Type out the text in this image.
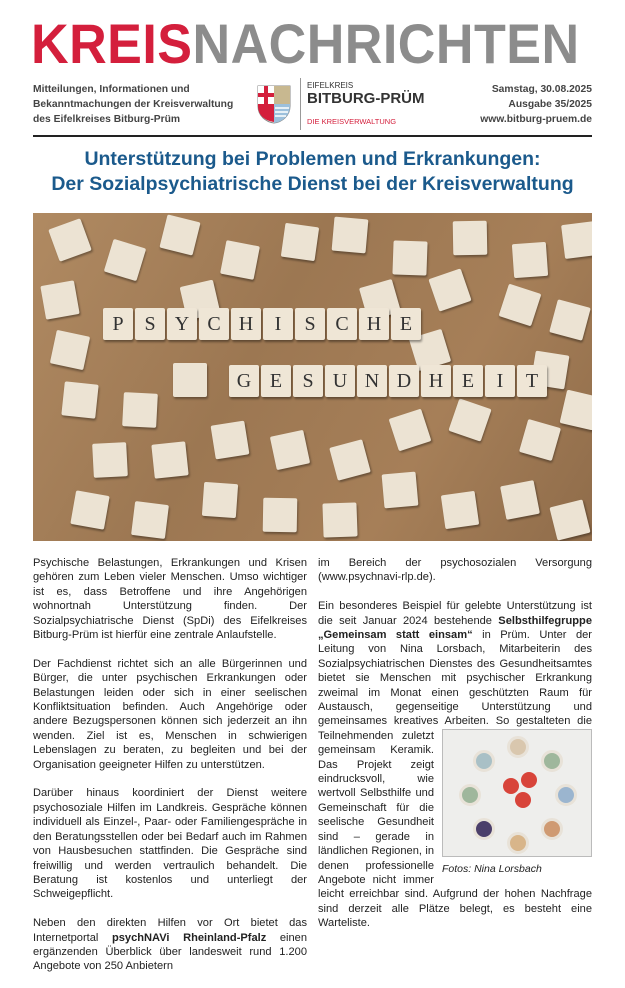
KREISNACHRICHTEN
Mitteilungen, Informationen und
Bekanntmachungen der Kreisverwaltung
des Eifelkreises Bitburg-Prüm
EIFELKREIS
BITBURG-PRÜM
DIE KREISVERWALTUNG
Samstag, 30.08.2025
Ausgabe 35/2025
www.bitburg-pruem.de
Unterstützung bei Problemen und Erkrankungen:
Der Sozialpsychiatrische Dienst bei der Kreisverwaltung
P	S Y C H	I	S C H E
G E	S U N D H E	I	T

Psychische Belastungen, Erkrankungen und Krisen gehören zum Leben vieler Menschen. Umso wichtiger ist es, dass Betroffene und ihre Angehörigen wohnortnah Unterstützung finden. Der Sozialpsychiatrische Dienst (SpDi) des Eifelkreises Bitburg-Prüm ist hierfür eine zentrale Anlaufstelle.

Der Fachdienst richtet sich an alle Bürgerinnen und Bürger, die unter psychischen Erkrankungen oder Belastungen leiden oder sich in einer seelischen Konfliktsituation befinden. Auch Angehörige oder andere Bezugspersonen können sich jederzeit an ihn wenden. Ziel ist es, Menschen in schwierigen Lebenslagen zu beraten, zu begleiten und bei der Organisation geeigneter Hilfen zu unterstützen.

Darüber hinaus koordiniert der Dienst weitere psychosoziale Hilfen im Landkreis. Gespräche können individuell als Einzel-, Paar- oder Familiengespräche in den Beratungsstellen oder bei Bedarf auch im Rahmen von Hausbesuchen stattfinden. Die Gespräche sind freiwillig und werden vertraulich behandelt. Die Beratung ist kostenlos und unterliegt der Schweigepflicht.

Neben den direkten Hilfen vor Ort bietet das Internetportal psychNAVi Rheinland-Pfalz einen ergänzenden Überblick über landesweit rund 1.200 Angebote von 250 Anbietern

Fotos: Nina Lorsbach

im Bereich der psychosozialen Versorgung (www.psychnavi-rlp.de).

Ein besonderes Beispiel für gelebte Unterstützung ist die seit Januar 2024 bestehende Selbsthilfegruppe „Gemeinsam statt einsam“ in Prüm. Unter der Leitung von Nina Lorsbach, Mitarbeiterin des Sozialpsychiatrischen Dienstes des Gesundheitsamtes bietet sie Menschen mit psychischer Erkrankung zweimal im Monat einen geschützten Raum für Austausch, gegenseitige Unterstützung und gemeinsames kreatives Arbeiten. So gestalteten die Teilnehmenden zuletzt gemeinsam Keramik. Das Projekt zeigt eindrucksvoll, wie wertvoll Selbsthilfe und Gemeinschaft für die seelische Gesundheit sind – gerade in ländlichen Regionen, in denen professionelle Angebote nicht immer leicht erreichbar sind. Aufgrund der hohen Nachfrage sind derzeit alle Plätze belegt, es besteht eine Warteliste.
